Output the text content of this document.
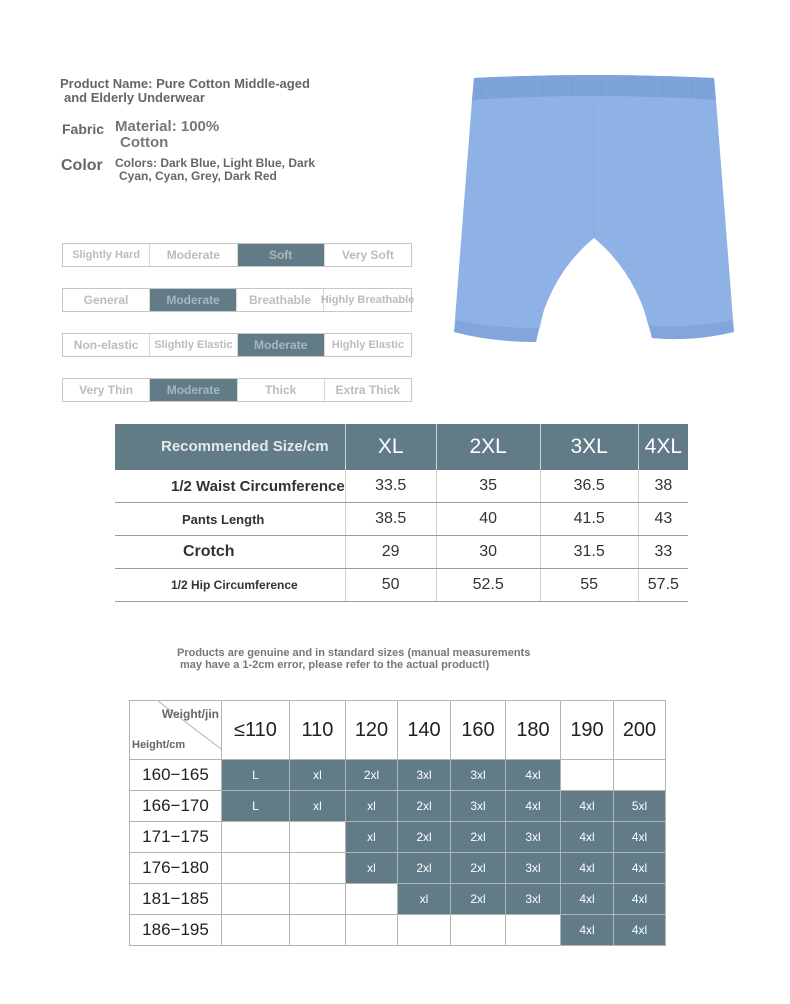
Product Name: Pure Cotton Middle-aged
and Elderly Underwear
Fabric Material: 100%
Cotton
Color Colors: Dark Blue, Light Blue, Dark
Cyan, Cyan, Grey, Dark Red
Slightly Hard	Moderate	Soft	Very Soft
General	Moderate Breathable Highly Breathable
Non-elastic Slightly Elastic Moderate Highly Elastic
Very Thin	Moderate	Thick	Extra Thick
Recommended Size/cm	XL	2XL	3XL	4XL
1/2 Waist Circumference	33.5	35	36.5	38
Pants Length	38.5	40	41.5	43
Crotch	29	30	31.5	33
1/2 Hip Circumference	50	52.5	55	57.5
Products are genuine and in standard sizes (manual measurements
may have a 1-2cm error, please refer to the actual product!)
Weight/jin
Height/cm	≤110	110	120	140	160	180	190	200
160−165	L	xl	2xl	3xl	3xl	4xl		
166−170	L	xl	xl	2xl	3xl	4xl	4xl	5xl
171−175			xl	2xl	2xl	3xl	4xl	4xl
176−180			xl	2xl	2xl	3xl	4xl	4xl
181−185				xl	2xl	3xl	4xl	4xl
186−195							4xl	4xl
